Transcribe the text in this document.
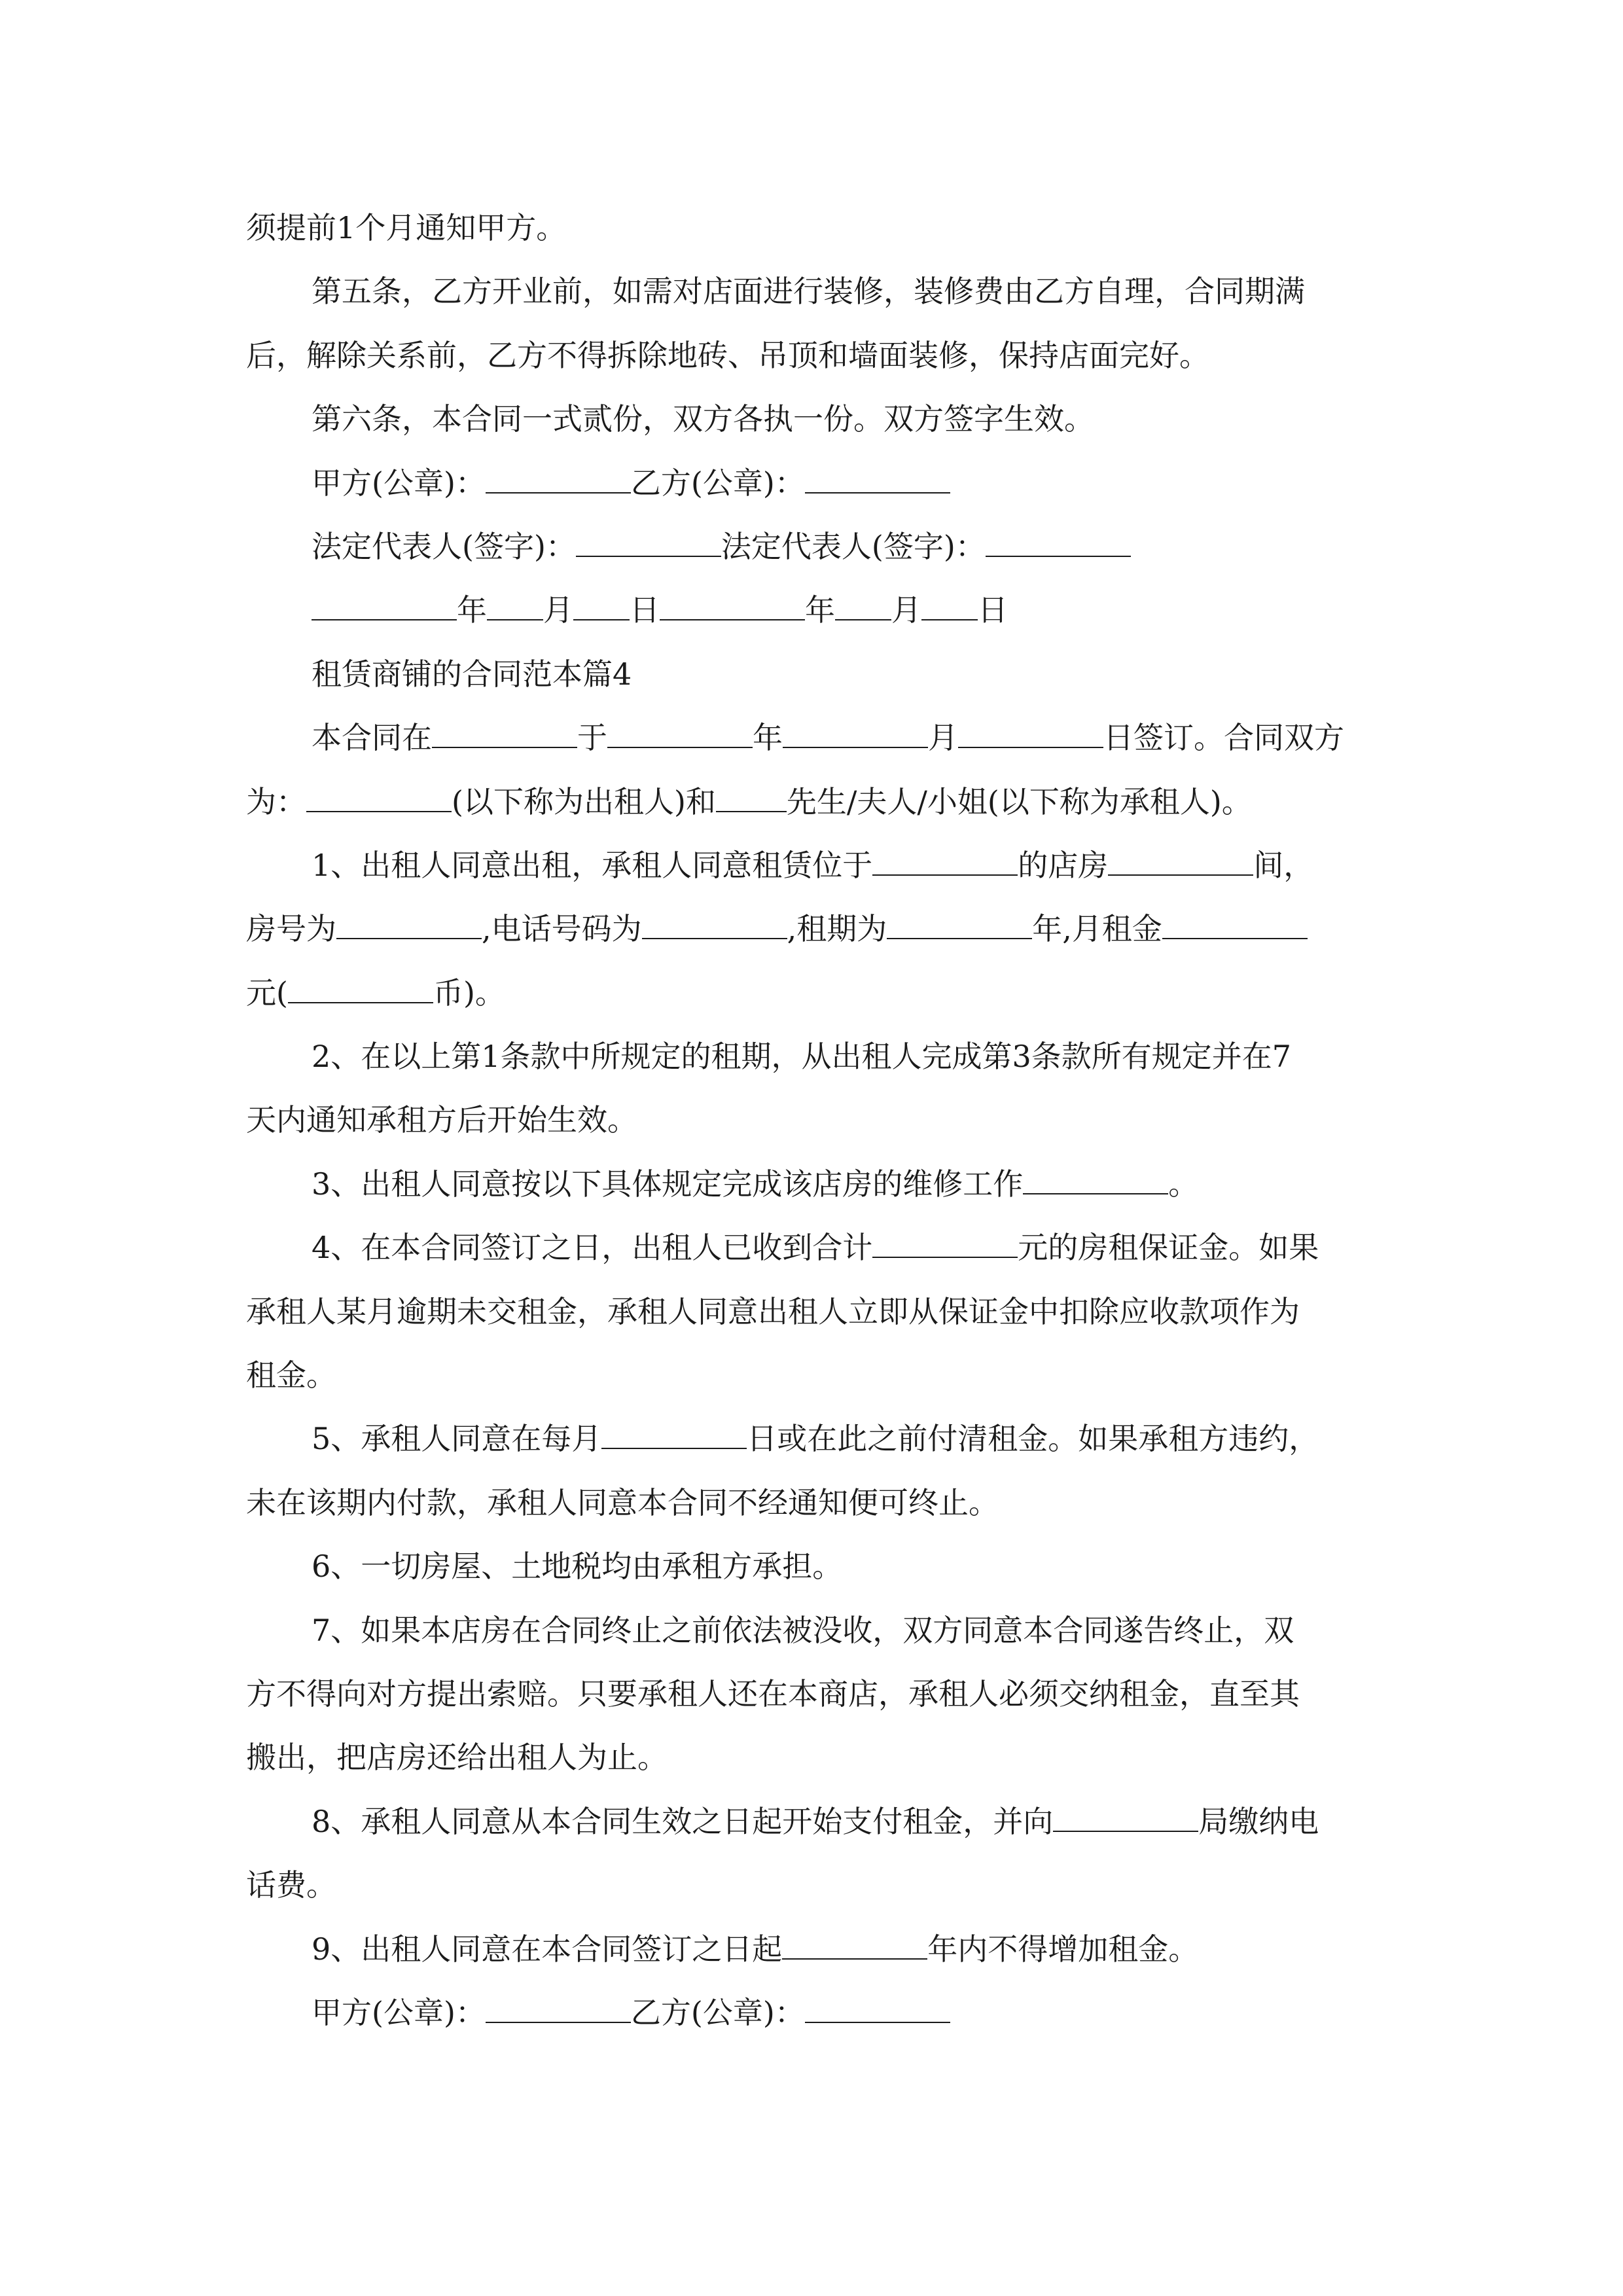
须提前1个月通知甲方。
第五条，乙方开业前，如需对店面进行装修，装修费由乙方自理，合同期满
后，解除关系前，乙方不得拆除地砖、吊顶和墙面装修，保持店面完好。
第六条，本合同一式贰份，双方各执一份。双方签字生效。
甲方(公章)：	乙方(公章)：
法定代表人(签字)：	法定代表人(签字)：
年 月 日	年 月 日
租赁商铺的合同范本篇4
本合同在	于	年	月	日签订。合同双方
为：	(以下称为出租人)和 先生/夫人/小姐(以下称为承租人)。
1、出租人同意出租，承租人同意租赁位于	的店房	间，
房号为	,电话号码为	,租期为	年,月租金
元(	币)。
2、在以上第1条款中所规定的租期，从出租人完成第3条款所有规定并在7
天内通知承租方后开始生效。
3、出租人同意按以下具体规定完成该店房的维修工作	。
4、在本合同签订之日，出租人已收到合计	元的房租保证金。如果
承租人某月逾期未交租金，承租人同意出租人立即从保证金中扣除应收款项作为
租金。
5、承租人同意在每月	日或在此之前付清租金。如果承租方违约，
未在该期内付款，承租人同意本合同不经通知便可终止。
6、一切房屋、土地税均由承租方承担。
7、如果本店房在合同终止之前依法被没收，双方同意本合同遂告终止，双
方不得向对方提出索赔。只要承租人还在本商店，承租人必须交纳租金，直至其
搬出，把店房还给出租人为止。
8、承租人同意从本合同生效之日起开始支付租金，并向	局缴纳电
话费。
9、出租人同意在本合同签订之日起	年内不得增加租金。
甲方(公章)：	乙方(公章)：
